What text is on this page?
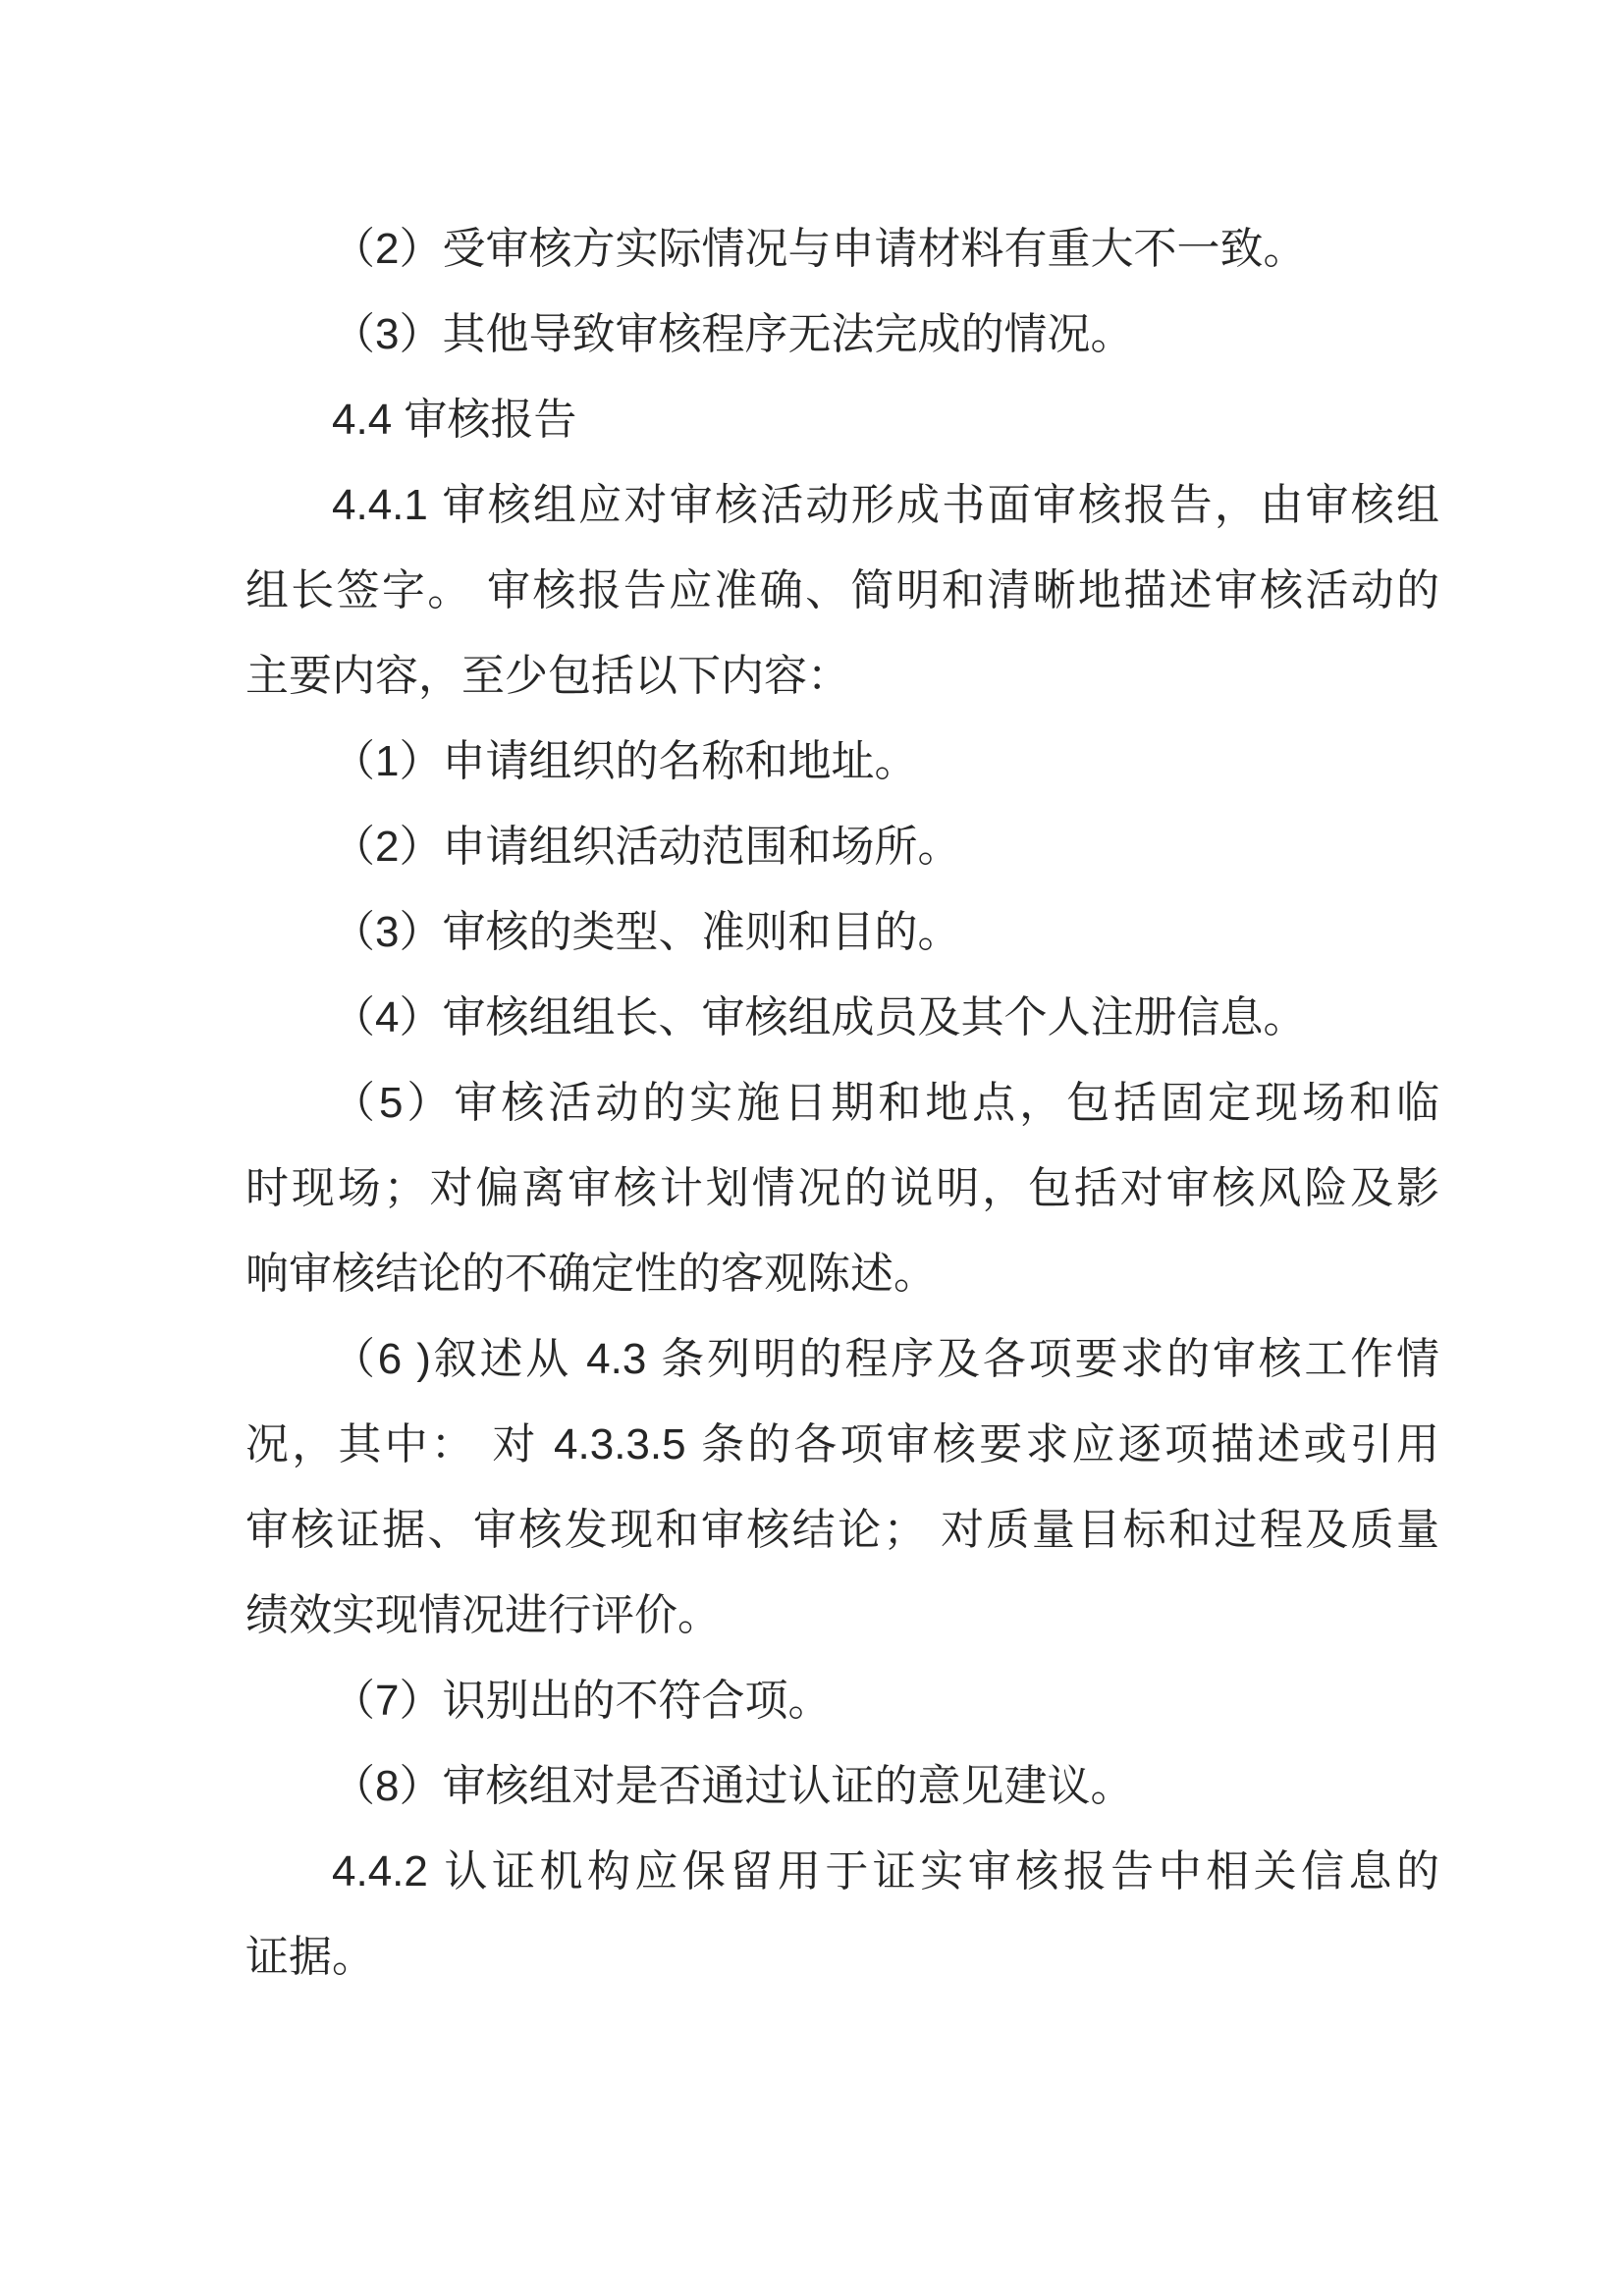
（2）受审核方实际情况与申请材料有重大不一致。
（3）其他导致审核程序无法完成的情况。
4.4 审核报告
4.4.1 审核组应对审核活动形成书面审核报告，由审核组
组长签字。 审核报告应准确、简明和清晰地描述审核活动的
主要内容，至少包括以下内容：
（1）申请组织的名称和地址。
（2）申请组织活动范围和场所。
（3）审核的类型、准则和目的。
（4）审核组组长、审核组成员及其个人注册信息。
（5）审核活动的实施日期和地点，包括固定现场和临
时现场；对偏离审核计划情况的说明，包括对审核风险及影
响审核结论的不确定性的客观陈述。
（6 )叙述从 4.3 条列明的程序及各项要求的审核工作情
况，其中： 对 4.3.3.5 条的各项审核要求应逐项描述或引用
审核证据、审核发现和审核结论； 对质量目标和过程及质量
绩效实现情况进行评价。
（7）识别出的不符合项。
（8）审核组对是否通过认证的意见建议。
4.4.2 认证机构应保留用于证实审核报告中相关信息的
证据。
